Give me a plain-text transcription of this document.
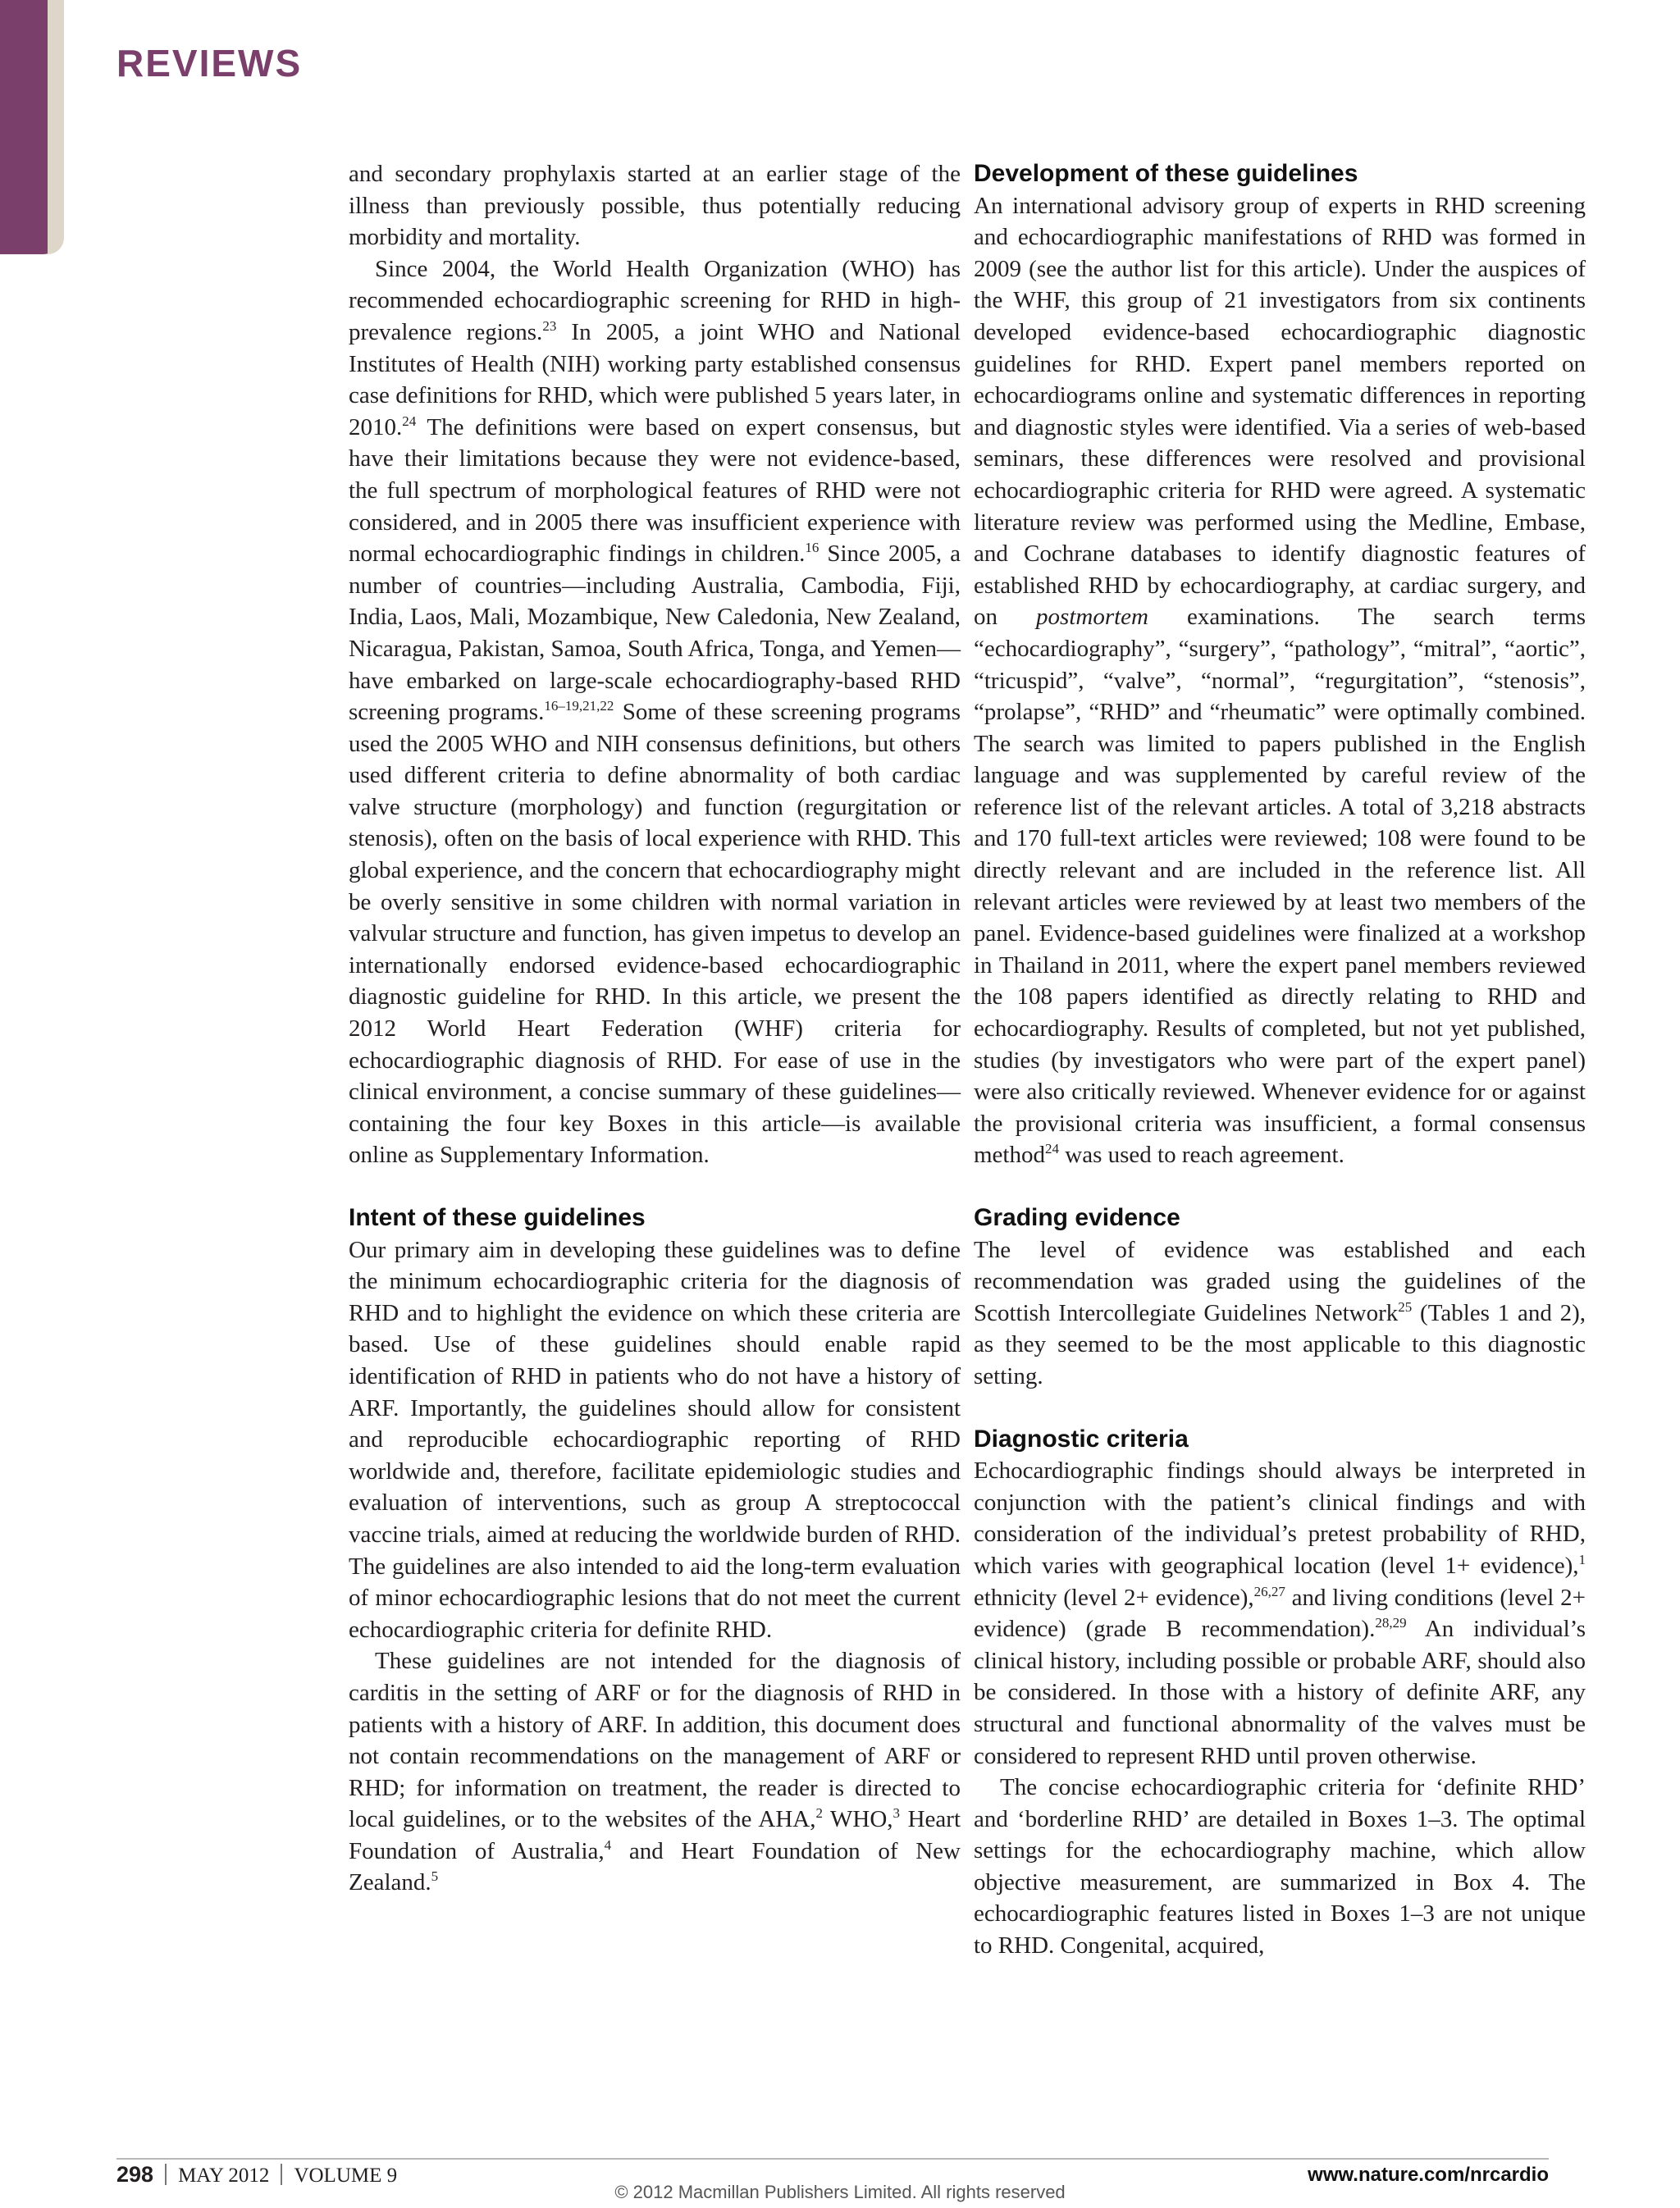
REVIEWS

and secondary prophylaxis started at an earlier stage of the illness than previously possible, thus potentially reducing morbidity and mortality.

Since 2004, the World Health Organization (WHO) has recommended echocardiographic screening for RHD in high-prevalence regions.$^{23}$ In 2005, a joint WHO and National Institutes of Health (NIH) working party established consensus case definitions for RHD, which were published 5 years later, in 2010.24 The definitions were based on expert consensus, but have their limitations because they were not evidence-based, the full spectrum of morphological features of RHD were not considered, and in 2005 there was insufficient experience with normal echocardiographic findings in children.$^{16}$ Since 2005, a number of countries—including Australia, Cambodia, Fiji, India, Laos, Mali, Mozambique, New Caledonia, New Zealand, Nicaragua, Pakistan, Samoa, South Africa, Tonga, and Yemen—have embarked on large-scale echocardiography-based RHD screening programs.$^{16-19,21,22}$ Some of these screening programs used the 2005 WHO and NIH consensus definitions, but others used different criteria to define abnormality of both cardiac valve structure (morphology) and function (regurgitation or stenosis), often on the basis of local experience with RHD. This global experience, and the concern that echocardiography might be overly sensitive in some children with normal variation in valvular structure and function, has given impetus to develop an internationally endorsed evidence-based echocardiographic diagnostic guideline for RHD. In this article, we present the 2012 World Heart Federation (WHF) criteria for echocardiographic diagnosis of RHD. For ease of use in the clinical environment, a concise summary of these guidelines—containing the four key Boxes in this article—is available online as Supplementary Information.

Intent of these guidelines

Our primary aim in developing these guidelines was to define the minimum echocardiographic criteria for the diagnosis of RHD and to highlight the evidence on which these criteria are based. Use of these guidelines should enable rapid identification of RHD in patients who do not have a history of ARF. Importantly, the guidelines should allow for consistent and reproducible echocardiographic reporting of RHD worldwide and, therefore, facilitate epidemiologic studies and evaluation of interventions, such as group A streptococcal vaccine trials, aimed at reducing the worldwide burden of RHD. The guidelines are also intended to aid the long-term evaluation of minor echocardiographic lesions that do not meet the current echocardiographic criteria for definite RHD.

These guidelines are not intended for the diagnosis of carditis in the setting of ARF or for the diagnosis of RHD in patients with a history of ARF. In addition, this document does not contain recommendations on the management of ARF or RHD; for information on treatment, the reader is directed to local guidelines, or to the websites of the AHA,$^2$ WHO,$^3$ Heart Foundation of Australia,$^4$ and Heart Foundation of New Zealand.$^5$

Development of these guidelines

An international advisory group of experts in RHD screening and echocardiographic manifestations of RHD was formed in 2009 (see the author list for this article). Under the auspices of the WHF, this group of 21 investigators from six continents developed evidence-based echocardiographic diagnostic guidelines for RHD. Expert panel members reported on echocardiograms online and systematic differences in reporting and diagnostic styles were identified. Via a series of web-based seminars, these differences were resolved and provisional echocardiographic criteria for RHD were agreed. A systematic literature review was performed using the Medline, Embase, and Cochrane databases to identify diagnostic features of established RHD by echocardiography, at cardiac surgery, and on postmortem examinations. The search terms “echocardiography”, “surgery”, “pathology”, “mitral”, “aortic”, “tricuspid”, “valve”, “normal”, “regurgitation”, “stenosis”, “prolapse”, “RHD” and “rheumatic” were optimally combined. The search was limited to papers published in the English language and was supplemented by careful review of the reference list of the relevant articles. A total of 3,218 abstracts and 170 full-text articles were reviewed; 108 were found to be directly relevant and are included in the reference list. All relevant articles were reviewed by at least two members of the panel. Evidence-based guidelines were finalized at a workshop in Thailand in 2011, where the expert panel members reviewed the 108 papers identified as directly relating to RHD and echocardiography. Results of completed, but not yet published, studies (by investigators who were part of the expert panel) were also critically reviewed. Whenever evidence for or against the provisional criteria was insufficient, a formal consensus method$^{24}$ was used to reach agreement.

Grading evidence

The level of evidence was established and each recommendation was graded using the guidelines of the Scottish Intercollegiate Guidelines Network$^{25}$ (Tables 1 and 2), as they seemed to be the most applicable to this diagnostic setting.

Diagnostic criteria

Echocardiographic findings should always be interpreted in conjunction with the patient’s clinical findings and with consideration of the individual’s pretest probability of RHD, which varies with geographical location (level 1+ evidence),$^1$ ethnicity (level 2+ evidence),$^{26,27}$ and living conditions (level 2+ evidence) (grade B recommendation).$^{28,29}$ An individual’s clinical history, including possible or probable ARF, should also be considered. In those with a history of definite ARF, any structural and functional abnormality of the valves must be considered to represent RHD until proven otherwise.

The concise echocardiographic criteria for ‘definite RHD’ and ‘borderline RHD’ are detailed in Boxes 1–3. The optimal settings for the echocardiography machine, which allow objective measurement, are summarized in Box 4. The echocardiographic features listed in Boxes 1–3 are not unique to RHD. Congenital, acquired,

298 MAY 2012 VOLUME 9	www.nature.com/nrcardio
© 2012 Macmillan Publishers Limited. All rights reserved
